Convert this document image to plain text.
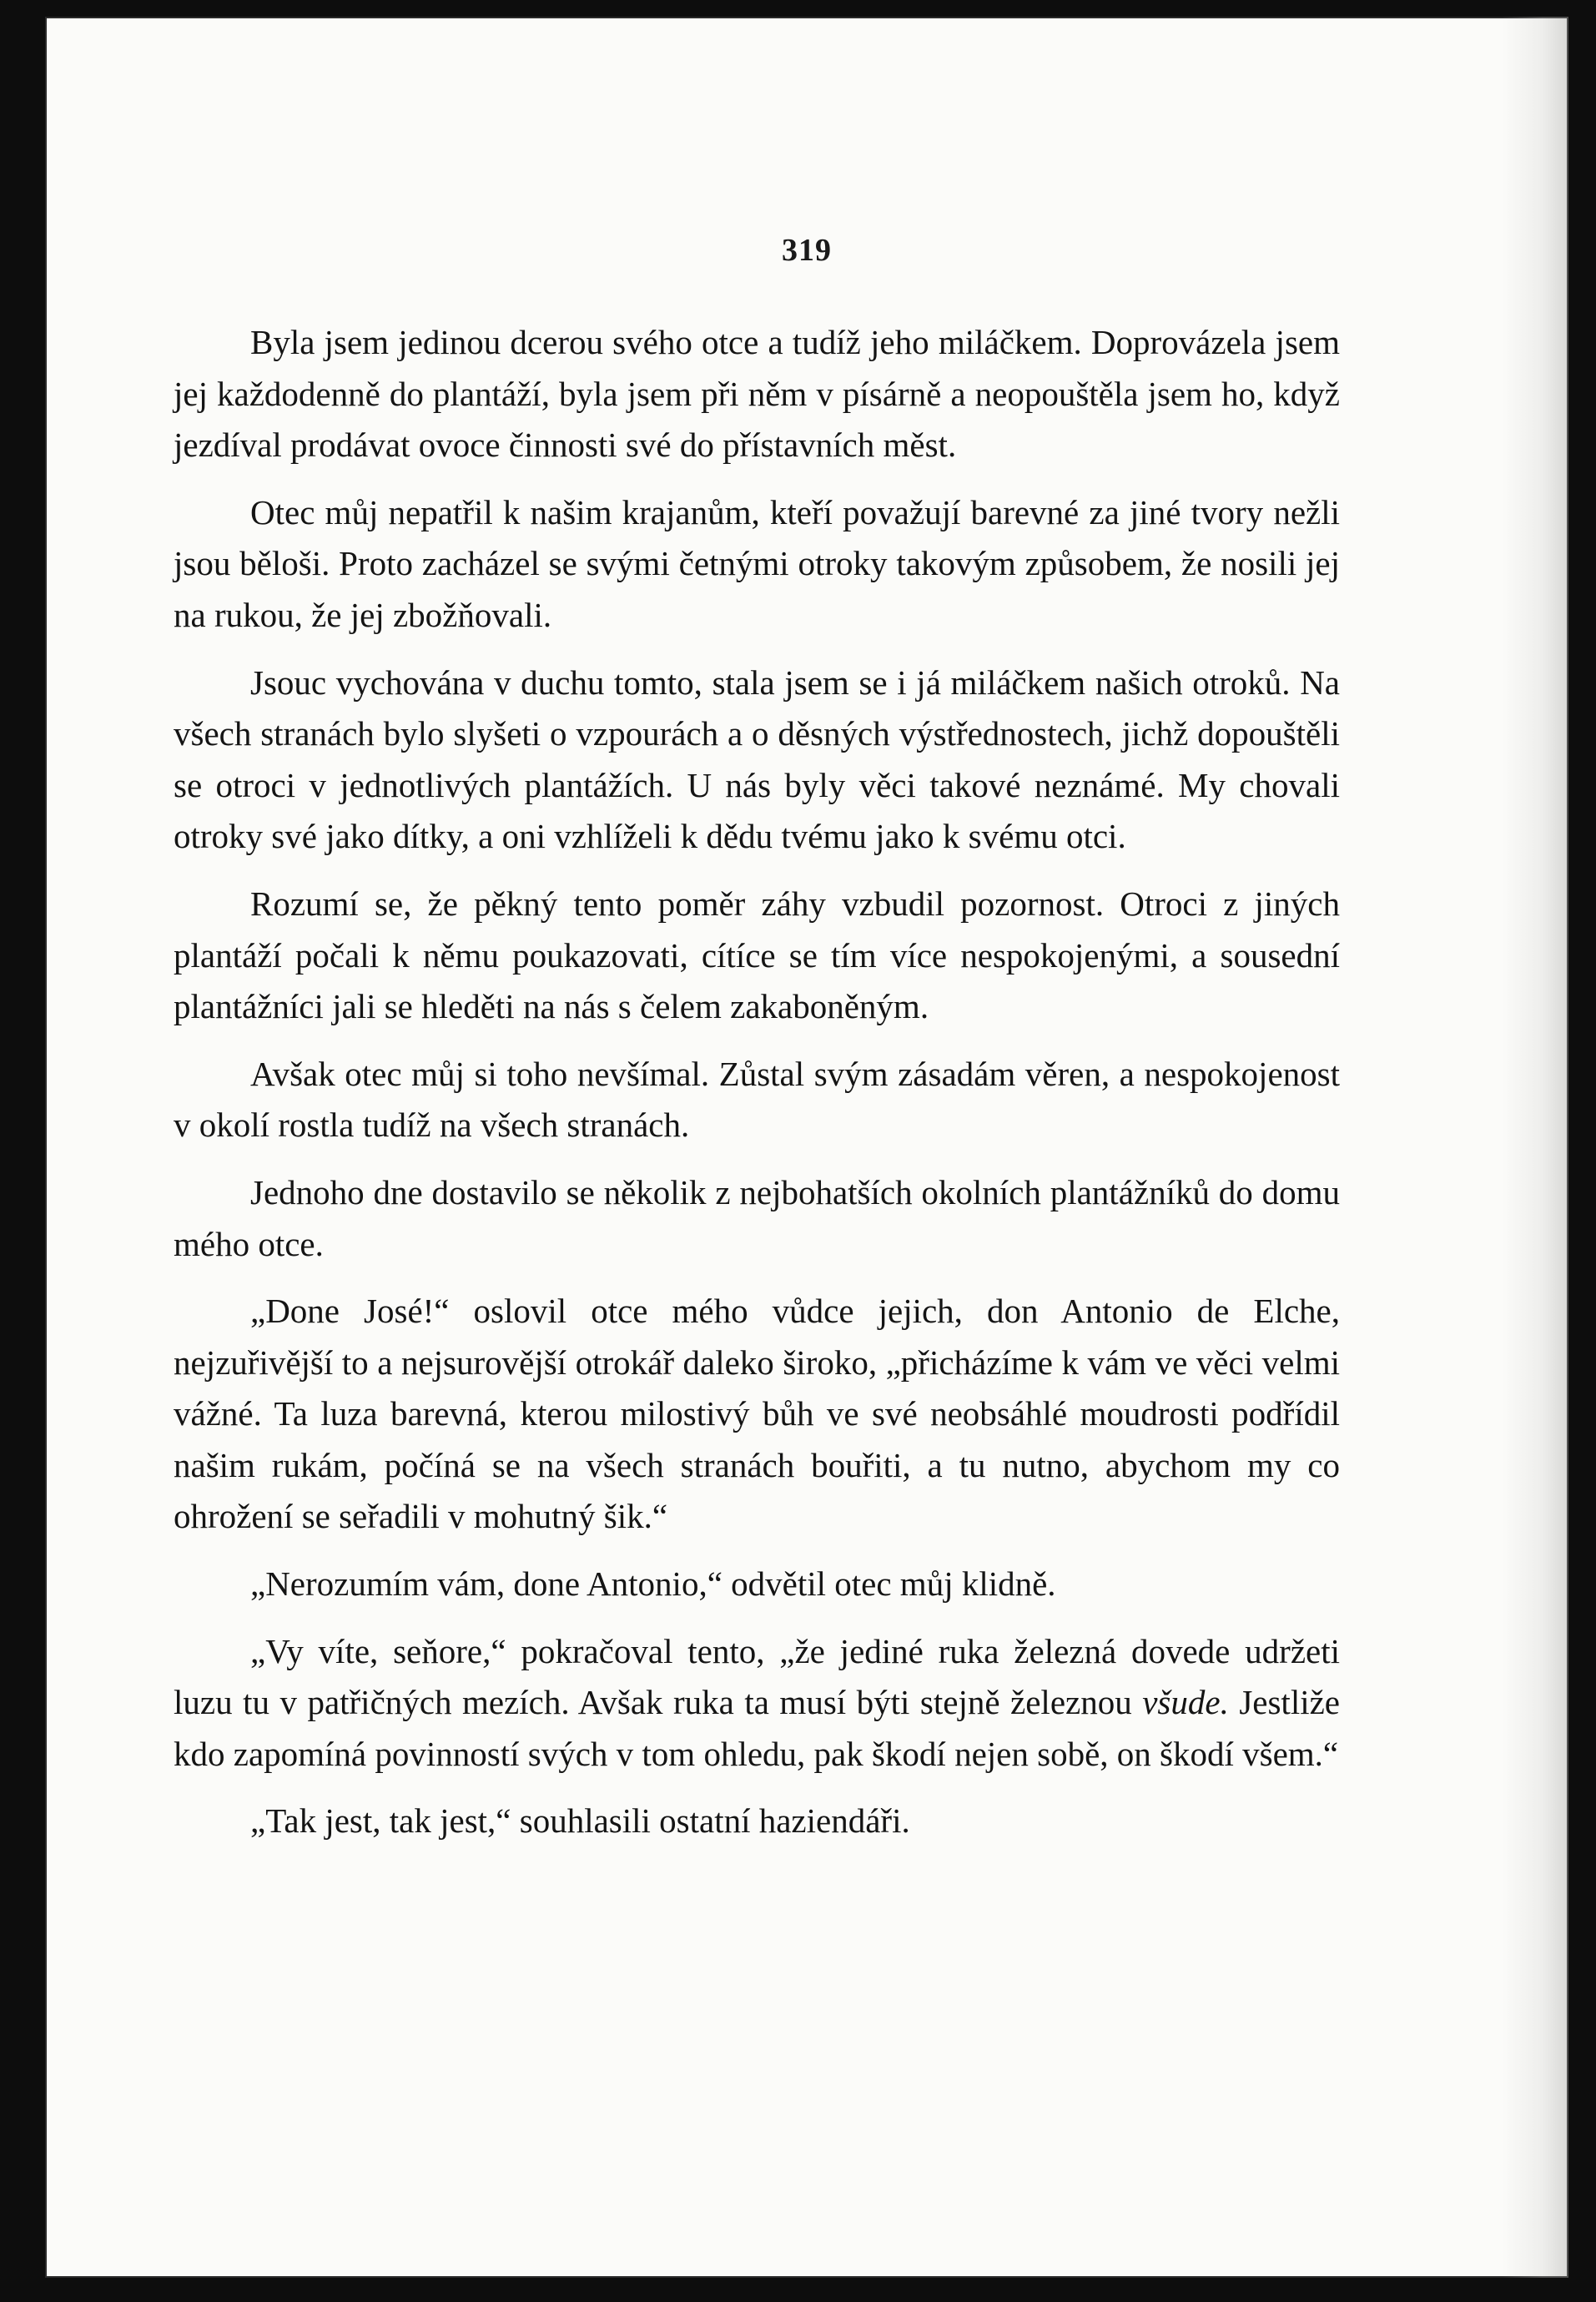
319

Byla jsem jedinou dcerou svého otce a tudíž jeho miláčkem. Doprovázela jsem jej každodenně do plantáží, byla jsem při něm v písárně a neopouštěla jsem ho, když jezdíval prodávat ovoce činnosti své do přístavních měst.

Otec můj nepatřil k našim krajanům, kteří považují barevné za jiné tvory nežli jsou běloši. Proto zacházel se svými četnými otroky takovým způsobem, že nosili jej na rukou, že jej zbožňovali.

Jsouc vychována v duchu tomto, stala jsem se i já miláčkem našich otroků. Na všech stranách bylo slyšeti o vzpourách a o děsných výstřednostech, jichž dopouštěli se otroci v jednotlivých plantážích. U nás byly věci takové neznámé. My chovali otroky své jako dítky, a oni vzhlíželi k dědu tvému jako k svému otci.

Rozumí se, že pěkný tento poměr záhy vzbudil pozornost. Otroci z jiných plantáží počali k němu poukazovati, cítíce se tím více nespokojenými, a sousední plantážníci jali se hleděti na nás s čelem zakaboněným.

Avšak otec můj si toho nevšímal. Zůstal svým zásadám věren, a nespokojenost v okolí rostla tudíž na všech stranách.

Jednoho dne dostavilo se několik z nejbohatších okolních plantážníků do domu mého otce.

„Done José!“ oslovil otce mého vůdce jejich, don Antonio de Elche, nejzuřivější to a nejsurovější otrokář daleko široko, „přicházíme k vám ve věci velmi vážné. Ta luza barevná, kterou milostivý bůh ve své neobsáhlé moudrosti podřídil našim rukám, počíná se na všech stranách bouřiti, a tu nutno, abychom my co ohrožení se seřadili v mohutný šik.“

„Nerozumím vám, done Antonio,“ odvětil otec můj klidně.

„Vy víte, seňore,“ pokračoval tento, „že jediné ruka železná dovede udržeti luzu tu v patřičných mezích. Avšak ruka ta musí býti stejně železnou všude. Jestliže kdo zapomíná povinností svých v tom ohledu, pak škodí nejen sobě, on škodí všem.“

„Tak jest, tak jest,“ souhlasili ostatní haziendáři.
